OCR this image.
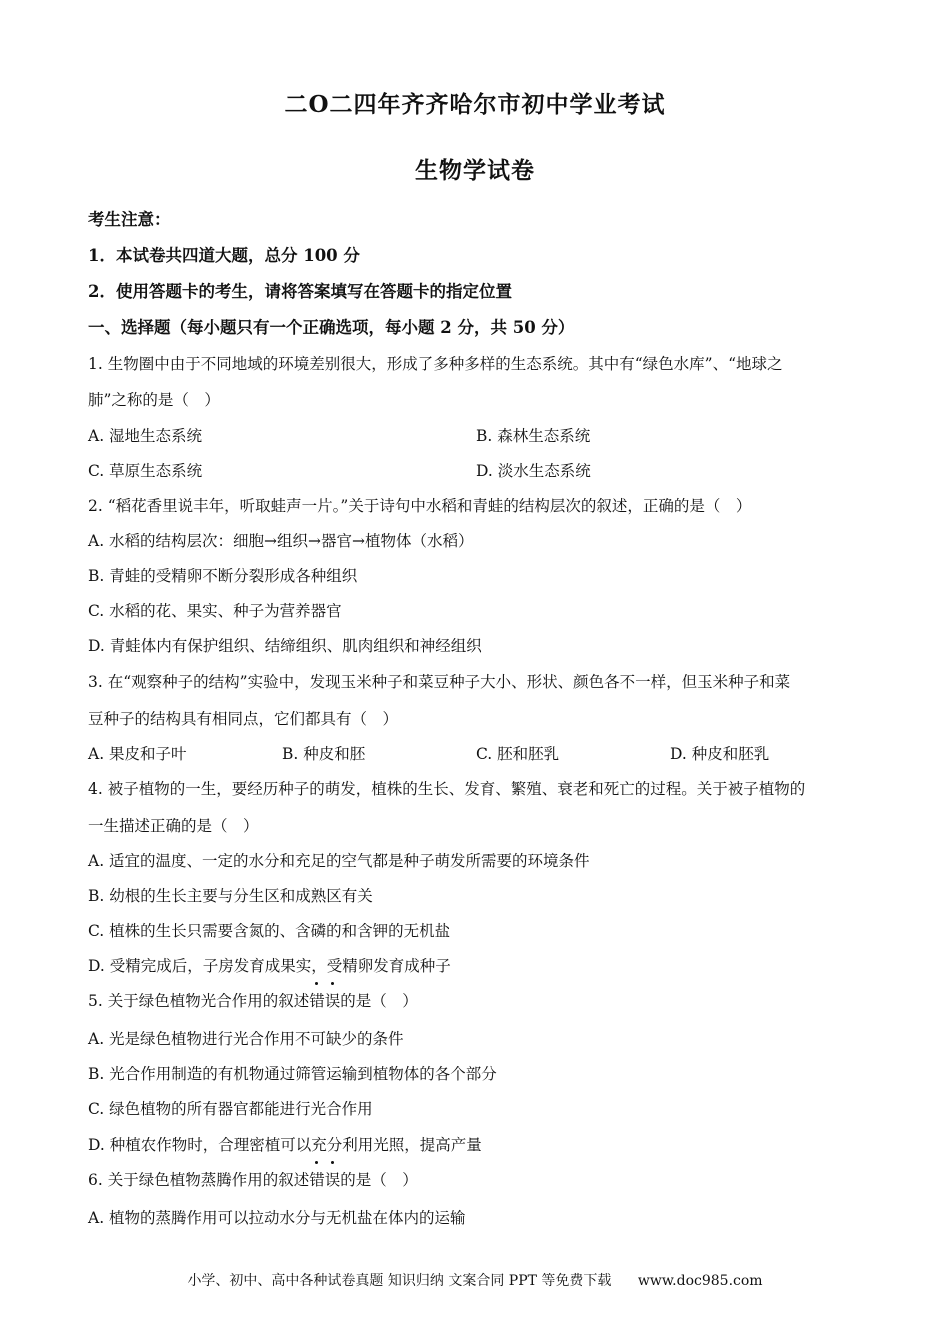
二O二四年齐齐哈尔市初中学业考试
生物学试卷
考生注意：
1．本试卷共四道大题，总分 100 分
2．使用答题卡的考生，请将答案填写在答题卡的指定位置
一、选择题（每小题只有一个正确选项，每小题 2 分，共 50 分）
1. 生物圈中由于不同地域的环境差别很大，形成了多种多样的生态系统。其中有“绿色水库”、“地球之
肺”之称的是（　）
A. 湿地生态系统	B. 森林生态系统
C. 草原生态系统	D. 淡水生态系统
2. “稻花香里说丰年，听取蛙声一片。”关于诗句中水稻和青蛙的结构层次的叙述，正确的是（　）
A. 水稻的结构层次：细胞→组织→器官→植物体（水稻）
B. 青蛙的受精卵不断分裂形成各种组织
C. 水稻的花、果实、种子为营养器官
D. 青蛙体内有保护组织、结缔组织、肌肉组织和神经组织
3. 在“观察种子的结构”实验中，发现玉米种子和菜豆种子大小、形状、颜色各不一样，但玉米种子和菜
豆种子的结构具有相同点，它们都具有（　）
A. 果皮和子叶	B. 种皮和胚	C. 胚和胚乳	D. 种皮和胚乳
4. 被子植物的一生，要经历种子的萌发，植株的生长、发育、繁殖、衰老和死亡的过程。关于被子植物的
一生描述正确的是（　）
A. 适宜的温度、一定的水分和充足的空气都是种子萌发所需要的环境条件
B. 幼根的生长主要与分生区和成熟区有关
C. 植株的生长只需要含氮的、含磷的和含钾的无机盐
D. 受精完成后，子房发育成果实，受精卵发育成种子
5. 关于绿色植物光合作用的叙述
错
误的是（　）
A. 光是绿色植物进行光合作用不可缺少的条件
B. 光合作用制造的有机物通过筛管运输到植物体的各个部分
C. 绿色植物的所有器官都能进行光合作用
D. 种植农作物时，合理密植可以充分利用光照，提高产量
6. 关于绿色植物蒸腾作用的叙述
错
误的是（　）
A. 植物的蒸腾作用可以拉动水分与无机盐在体内的运输
小学、初中、高中各种试卷真题 知识归纳 文案合同 PPT 等免费下载 www.doc985.com
